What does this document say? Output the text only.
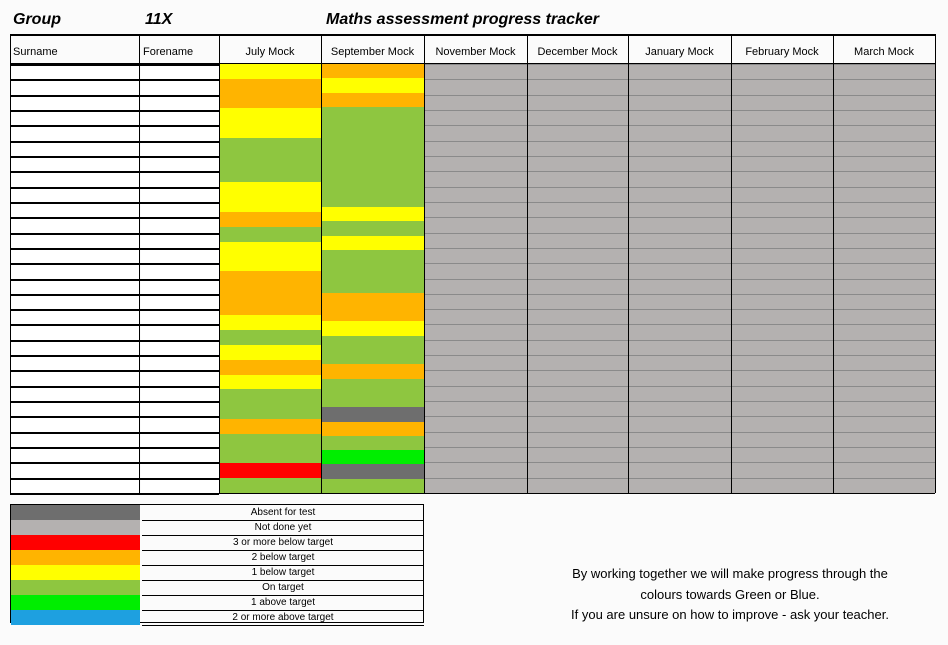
Group	11X	Maths assessment progress tracker
Surname	Forename	July Mock	September Mock	November Mock	December Mock	January Mock	February Mock	March Mock
Absent for test
Not done yet
3 or more below target
2 below target
1 below target
On target
1 above target
2 or more above target
By working together we will make progress through the
colours towards Green or Blue.
If you are unsure on how to improve - ask your teacher.
